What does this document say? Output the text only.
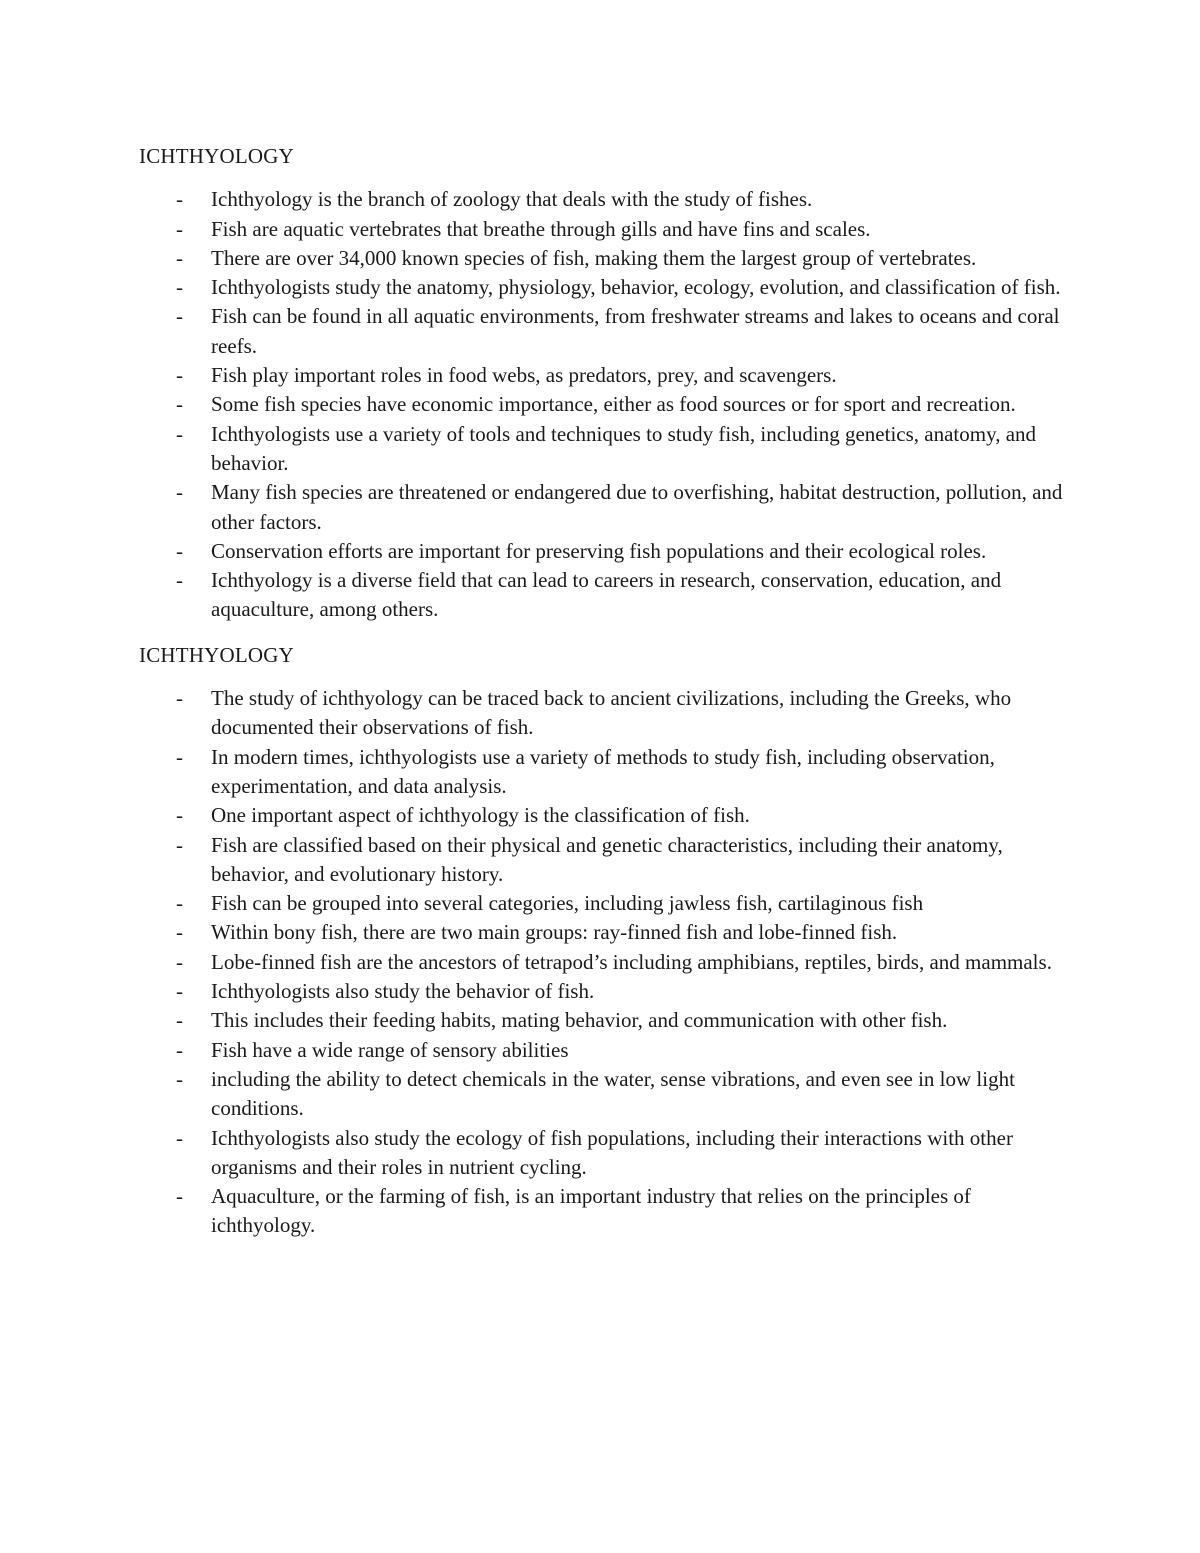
ICHTHYOLOGY
- Ichthyology is the branch of zoology that deals with the study of fishes.
- Fish are aquatic vertebrates that breathe through gills and have fins and scales.
- There are over 34,000 known species of fish, making them the largest group of vertebrates.
- Ichthyologists study the anatomy, physiology, behavior, ecology, evolution, and classification of fish.
- Fish can be found in all aquatic environments, from freshwater streams and lakes to oceans and coral reefs.
- Fish play important roles in food webs, as predators, prey, and scavengers.
- Some fish species have economic importance, either as food sources or for sport and recreation.
- Ichthyologists use a variety of tools and techniques to study fish, including genetics, anatomy, and behavior.
- Many fish species are threatened or endangered due to overfishing, habitat destruction, pollution, and other factors.
- Conservation efforts are important for preserving fish populations and their ecological roles.
- Ichthyology is a diverse field that can lead to careers in research, conservation, education, and aquaculture, among others.
ICHTHYOLOGY
- The study of ichthyology can be traced back to ancient civilizations, including the Greeks, who documented their observations of fish.
- In modern times, ichthyologists use a variety of methods to study fish, including observation, experimentation, and data analysis.
- One important aspect of ichthyology is the classification of fish.
- Fish are classified based on their physical and genetic characteristics, including their anatomy, behavior, and evolutionary history.
- Fish can be grouped into several categories, including jawless fish, cartilaginous fish
- Within bony fish, there are two main groups: ray-finned fish and lobe-finned fish.
- Lobe-finned fish are the ancestors of tetrapod’s including amphibians, reptiles, birds, and mammals.
- Ichthyologists also study the behavior of fish.
- This includes their feeding habits, mating behavior, and communication with other fish.
- Fish have a wide range of sensory abilities
- including the ability to detect chemicals in the water, sense vibrations, and even see in low light conditions.
- Ichthyologists also study the ecology of fish populations, including their interactions with other organisms and their roles in nutrient cycling.
- Aquaculture, or the farming of fish, is an important industry that relies on the principles of ichthyology.
